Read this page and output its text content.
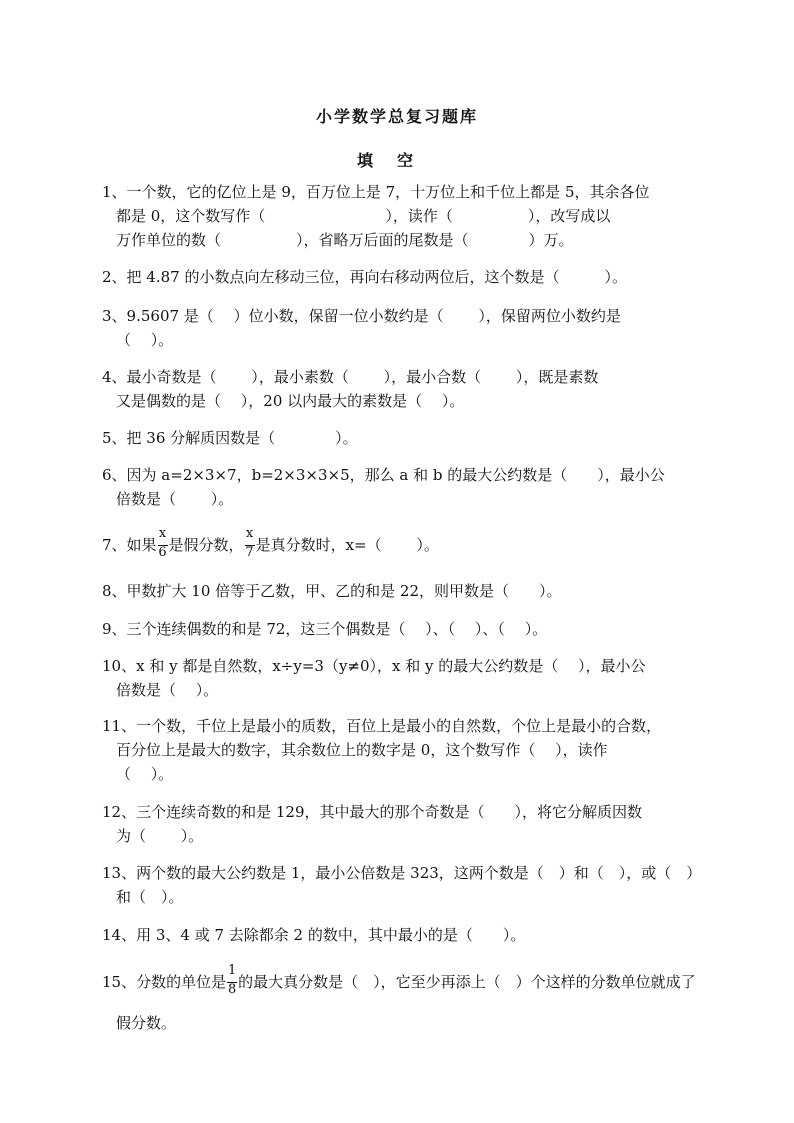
小学数学总复习题库
填空
1、一个数，它的亿位上是 9，百万位上是 7，十万位上和千位上都是 5，其余各位
都是 0，这个数写作（　　　　　　　　），读作（　　　　　），改写成以
万作单位的数（　　　　　），省略万后面的尾数是（　　　　）万。
2、把 4.87 的小数点向左移动三位，再向右移动两位后，这个数是（　　　）。
3、9.5607 是（　 ）位小数，保留一位小数约是（　　 ），保留两位小数约是
（　 ）。
4、最小奇数是（　　 ），最小素数（　　 ），最小合数（　　 ），既是素数
又是偶数的是（　 ），20 以内最大的素数是（　 ）。
5、把 36 分解质因数是（　　　　）。
6、因为 a=2×3×7，b=2×3×3×5，那么 a 和 b 的最大公约数是（　　），最小公
倍数是（　　 ）。
7、如果 $\frac{x}{6}$ 是假分数， $\frac{x}{7}$ 是真分数时，x=（　　 ）。
8、甲数扩大 10 倍等于乙数，甲、乙的和是 22，则甲数是（　　）。
9、三个连续偶数的和是 72，这三个偶数是（　 ）、（　 ）、（　 ）。
10、x 和 y 都是自然数，x÷y=3（y≠0），x 和 y 的最大公约数是（　 ），最小公
倍数是（　 ）。
11、一个数，千位上是最小的质数，百位上是最小的自然数，个位上是最小的合数，
百分位上是最大的数字，其余数位上的数字是 0，这个数写作（　 ），读作
（　 ）。
12、三个连续奇数的和是 129，其中最大的那个奇数是（　　），将它分解质因数
为（　　 ）。
13、两个数的最大公约数是 1，最小公倍数是 323，这两个数是（　）和（　），或（　）
和（　）。
14、用 3、4 或 7 去除都余 2 的数中，其中最小的是（　　）。
15、分数的单位是 $\frac{1}{8}$ 的最大真分数是（　），它至少再添上（　）个这样的分数单位就成了
假分数。
